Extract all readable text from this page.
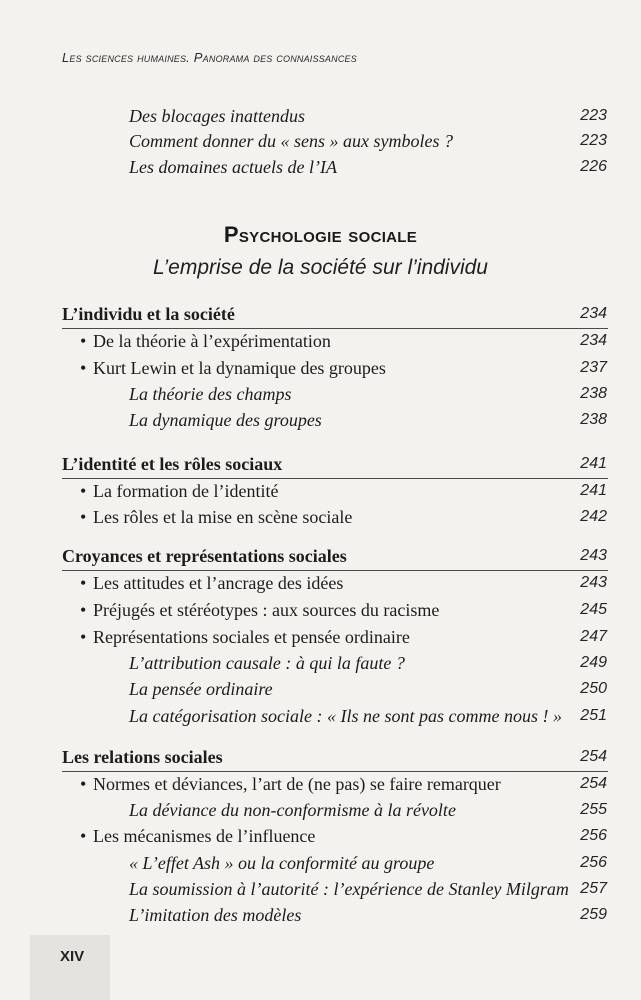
Les sciences humaines. Panorama des connaissances
Des blocages inattendus	223
Comment donner du « sens » aux symboles ?	223
Les domaines actuels de l’IA	226
Psychologie sociale
L’emprise de la société sur l’individu
L’individu et la société	234
• De la théorie à l’expérimentation	234
• Kurt Lewin et la dynamique des groupes	237
La théorie des champs	238
La dynamique des groupes	238
L’identité et les rôles sociaux	241
• La formation de l’identité	241
• Les rôles et la mise en scène sociale	242
Croyances et représentations sociales	243
• Les attitudes et l’ancrage des idées	243
• Préjugés et stéréotypes : aux sources du racisme	245
• Représentations sociales et pensée ordinaire	247
L’attribution causale : à qui la faute ?	249
La pensée ordinaire	250
La catégorisation sociale : « Ils ne sont pas comme nous ! » 251
Les relations sociales	254
• Normes et déviances, l’art de (ne pas) se faire remarquer	254
La déviance du non-conformisme à la révolte	255
• Les mécanismes de l’influence	256
« L’effet Ash » ou la conformité au groupe	256
La soumission à l’autorité : l’expérience de Stanley Milgram 257
L’imitation des modèles	259
XIV
